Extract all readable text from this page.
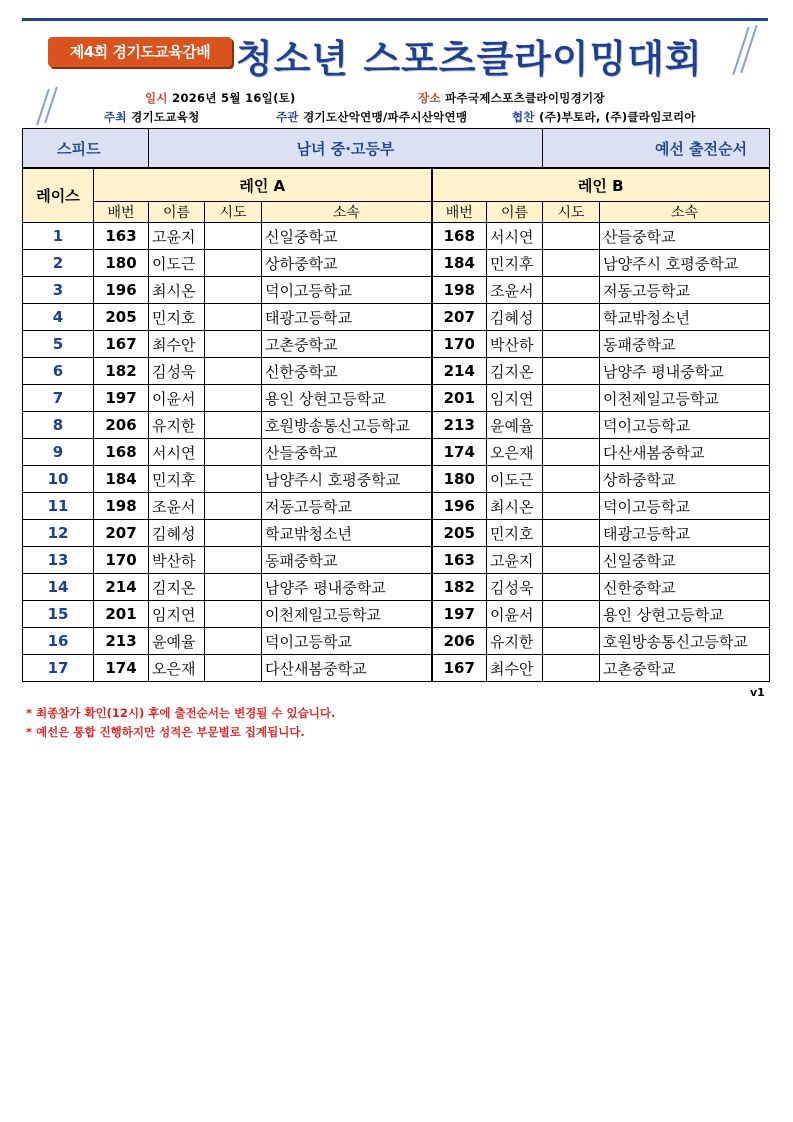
제4회 경기도교육감배 청소년 스포츠클라이밍대회
일시 2026년 5월 16일(토)	장소 파주국제스포츠클라이밍경기장
주최 경기도교육청	주관 경기도산악연맹/파주시산악연맹	협찬 (주)부토라, (주)클라임코리아
스피드		남녀 중·고등부					예선 출전순서	
레이스	레인 A				레인 B			
	배번	이름	시도	소속	배번	이름	시도	소속
1	163	고윤지		신일중학교	168	서시연		산들중학교
2	180	이도근		상하중학교	184	민지후		남양주시 호평중학교
3	196	최시온		덕이고등학교	198	조윤서		저동고등학교
4	205	민지호		태광고등학교	207	김혜성		학교밖청소년
5	167	최수안		고촌중학교	170	박산하		동패중학교
6	182	김성욱		신한중학교	214	김지온		남양주 평내중학교
7	197	이윤서		용인 상현고등학교	201	임지연		이천제일고등학교
8	206	유지한		호원방송통신고등학교	213	윤예율		덕이고등학교
9	168	서시연		산들중학교	174	오은재		다산새봄중학교
10	184	민지후		남양주시 호평중학교	180	이도근		상하중학교
11	198	조윤서		저동고등학교	196	최시온		덕이고등학교
12	207	김혜성		학교밖청소년	205	민지호		태광고등학교
13	170	박산하		동패중학교	163	고윤지		신일중학교
14	214	김지온		남양주 평내중학교	182	김성욱		신한중학교
15	201	임지연		이천제일고등학교	197	이윤서		용인 상현고등학교
16	213	윤예율		덕이고등학교	206	유지한		호원방송통신고등학교
17	174	오은재		다산새봄중학교	167	최수안		고촌중학교
v1
* 최종참가 확인(12시) 후에 출전순서는 변경될 수 있습니다.
* 예선은 통합 진행하지만 성적은 부문별로 집계됩니다.
